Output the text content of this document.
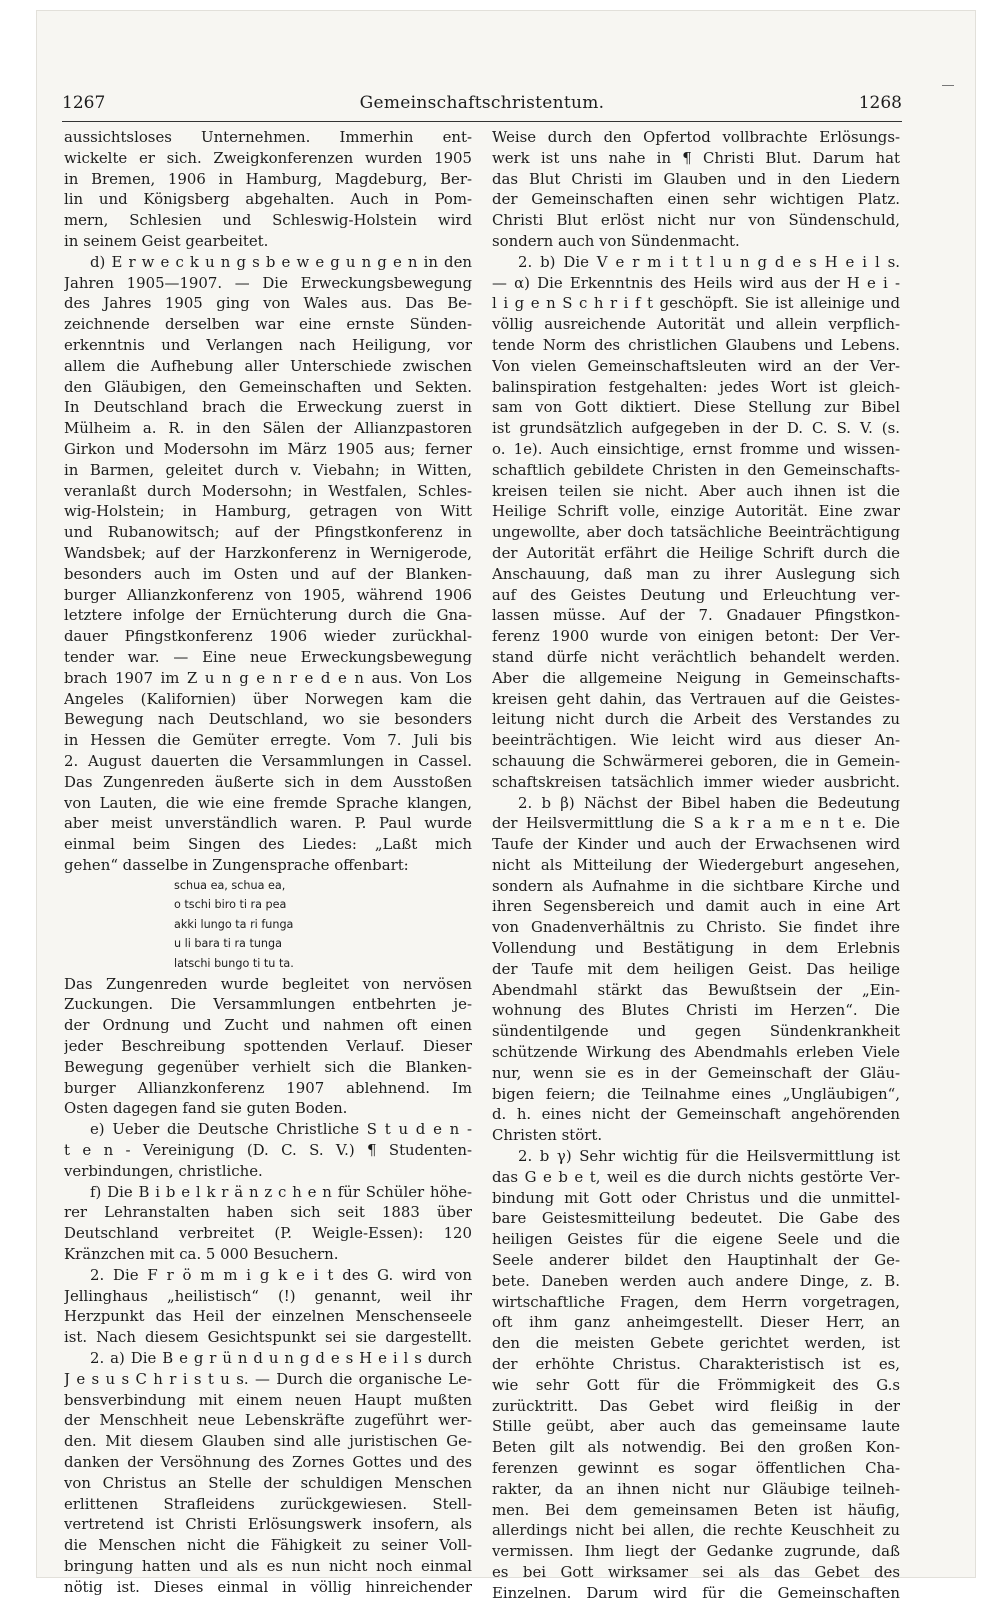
1267	Gemeinschaftschristentum.	1268
aussichtsloses Unternehmen. Immerhin ent-
wickelte er sich. Zweigkonferenzen wurden 1905
in Bremen, 1906 in Hamburg, Magdeburg, Ber-
lin und Königsberg abgehalten. Auch in Pom-
mern, Schlesien und Schleswig-Holstein wird
in seinem Geist gearbeitet.
d) E r w e c k u n g s b e w e g u n g e n in den
Jahren 1905—1907. — Die Erweckungsbewegung
des Jahres 1905 ging von Wales aus. Das Be-
zeichnende derselben war eine ernste Sünden-
erkenntnis und Verlangen nach Heiligung, vor
allem die Aufhebung aller Unterschiede zwischen
den Gläubigen, den Gemeinschaften und Sekten.
In Deutschland brach die Erweckung zuerst in
Mülheim a. R. in den Sälen der Allianzpastoren
Girkon und Modersohn im März 1905 aus; ferner
in Barmen, geleitet durch v. Viebahn; in Witten,
veranlaßt durch Modersohn; in Westfalen, Schles-
wig-Holstein; in Hamburg, getragen von Witt
und Rubanowitsch; auf der Pfingstkonferenz in
Wandsbek; auf der Harzkonferenz in Wernigerode,
besonders auch im Osten und auf der Blanken-
burger Allianzkonferenz von 1905, während 1906
letztere infolge der Ernüchterung durch die Gna-
dauer Pfingstkonferenz 1906 wieder zurückhal-
tender war. — Eine neue Erweckungsbewegung
brach 1907 im Z u n g e n r e d e n aus. Von Los
Angeles (Kalifornien) über Norwegen kam die
Bewegung nach Deutschland, wo sie besonders
in Hessen die Gemüter erregte. Vom 7. Juli bis
2. August dauerten die Versammlungen in Cassel.
Das Zungenreden äußerte sich in dem Ausstoßen
von Lauten, die wie eine fremde Sprache klangen,
aber meist unverständlich waren. P. Paul wurde
einmal beim Singen des Liedes: „Laßt mich
gehen“ dasselbe in Zungensprache offenbart:
schua ea, schua ea,
o tschi biro ti ra pea
akki lungo ta ri funga
u li bara ti ra tunga
latschi bungo ti tu ta.
Das Zungenreden wurde begleitet von nervösen
Zuckungen. Die Versammlungen entbehrten je-
der Ordnung und Zucht und nahmen oft einen
jeder Beschreibung spottenden Verlauf. Dieser
Bewegung gegenüber verhielt sich die Blanken-
burger Allianzkonferenz 1907 ablehnend. Im
Osten dagegen fand sie guten Boden.
e) Ueber die Deutsche Christliche S t u d e n -
t e n - Vereinigung (D. C. S. V.) ¶ Studenten-
verbindungen, christliche.
f) Die B i b e l k r ä n z c h e n für Schüler höhe-
rer Lehranstalten haben sich seit 1883 über
Deutschland verbreitet (P. Weigle-Essen): 120
Kränzchen mit ca. 5 000 Besuchern.
2. Die F r ö m m i g k e i t des G. wird von
Jellinghaus „heilistisch“ (!) genannt, weil ihr
Herzpunkt das Heil der einzelnen Menschenseele
ist. Nach diesem Gesichtspunkt sei sie dargestellt.
2. a) Die B e g r ü n d u n g d e s H e i l s durch
J e s u s C h r i s t u s. — Durch die organische Le-
bensverbindung mit einem neuen Haupt mußten
der Menschheit neue Lebenskräfte zugeführt wer-
den. Mit diesem Glauben sind alle juristischen Ge-
danken der Versöhnung des Zornes Gottes und des
von Christus an Stelle der schuldigen Menschen
erlittenen Strafleidens zurückgewiesen. Stell-
vertretend ist Christi Erlösungswerk insofern, als
die Menschen nicht die Fähigkeit zu seiner Voll-
bringung hatten und als es nun nicht noch einmal
nötig ist. Dieses einmal in völlig hinreichender
Weise durch den Opfertod vollbrachte Erlösungs-
werk ist uns nahe in ¶ Christi Blut. Darum hat
das Blut Christi im Glauben und in den Liedern
der Gemeinschaften einen sehr wichtigen Platz.
Christi Blut erlöst nicht nur von Sündenschuld,
sondern auch von Sündenmacht.
2. b) Die V e r m i t t l u n g d e s H e i l s.
— α) Die Erkenntnis des Heils wird aus der H e i -
l i g e n S c h r i f t geschöpft. Sie ist alleinige und
völlig ausreichende Autorität und allein verpflich-
tende Norm des christlichen Glaubens und Lebens.
Von vielen Gemeinschaftsleuten wird an der Ver-
balinspiration festgehalten: jedes Wort ist gleich-
sam von Gott diktiert. Diese Stellung zur Bibel
ist grundsätzlich aufgegeben in der D. C. S. V. (s.
o. 1e). Auch einsichtige, ernst fromme und wissen-
schaftlich gebildete Christen in den Gemeinschafts-
kreisen teilen sie nicht. Aber auch ihnen ist die
Heilige Schrift volle, einzige Autorität. Eine zwar
ungewollte, aber doch tatsächliche Beeinträchtigung
der Autorität erfährt die Heilige Schrift durch die
Anschauung, daß man zu ihrer Auslegung sich
auf des Geistes Deutung und Erleuchtung ver-
lassen müsse. Auf der 7. Gnadauer Pfingstkon-
ferenz 1900 wurde von einigen betont: Der Ver-
stand dürfe nicht verächtlich behandelt werden.
Aber die allgemeine Neigung in Gemeinschafts-
kreisen geht dahin, das Vertrauen auf die Geistes-
leitung nicht durch die Arbeit des Verstandes zu
beeinträchtigen. Wie leicht wird aus dieser An-
schauung die Schwärmerei geboren, die in Gemein-
schaftskreisen tatsächlich immer wieder ausbricht.
2. b β) Nächst der Bibel haben die Bedeutung
der Heilsvermittlung die S a k r a m e n t e. Die
Taufe der Kinder und auch der Erwachsenen wird
nicht als Mitteilung der Wiedergeburt angesehen,
sondern als Aufnahme in die sichtbare Kirche und
ihren Segensbereich und damit auch in eine Art
von Gnadenverhältnis zu Christo. Sie findet ihre
Vollendung und Bestätigung in dem Erlebnis
der Taufe mit dem heiligen Geist. Das heilige
Abendmahl stärkt das Bewußtsein der „Ein-
wohnung des Blutes Christi im Herzen“. Die
sündentilgende und gegen Sündenkrankheit
schützende Wirkung des Abendmahls erleben Viele
nur, wenn sie es in der Gemeinschaft der Gläu-
bigen feiern; die Teilnahme eines „Ungläubigen“,
d. h. eines nicht der Gemeinschaft angehörenden
Christen stört.
2. b γ) Sehr wichtig für die Heilsvermittlung ist
das G e b e t, weil es die durch nichts gestörte Ver-
bindung mit Gott oder Christus und die unmittel-
bare Geistesmitteilung bedeutet. Die Gabe des
heiligen Geistes für die eigene Seele und die
Seele anderer bildet den Hauptinhalt der Ge-
bete. Daneben werden auch andere Dinge, z. B.
wirtschaftliche Fragen, dem Herrn vorgetragen,
oft ihm ganz anheimgestellt. Dieser Herr, an
den die meisten Gebete gerichtet werden, ist
der erhöhte Christus. Charakteristisch ist es,
wie sehr Gott für die Frömmigkeit des G.s
zurücktritt. Das Gebet wird fleißig in der
Stille geübt, aber auch das gemeinsame laute
Beten gilt als notwendig. Bei den großen Kon-
ferenzen gewinnt es sogar öffentlichen Cha-
rakter, da an ihnen nicht nur Gläubige teilneh-
men. Bei dem gemeinsamen Beten ist häufig,
allerdings nicht bei allen, die rechte Keuschheit zu
vermissen. Ihm liegt der Gedanke zugrunde, daß
es bei Gott wirksamer sei als das Gebet des
Einzelnen. Darum wird für die Gemeinschaften
